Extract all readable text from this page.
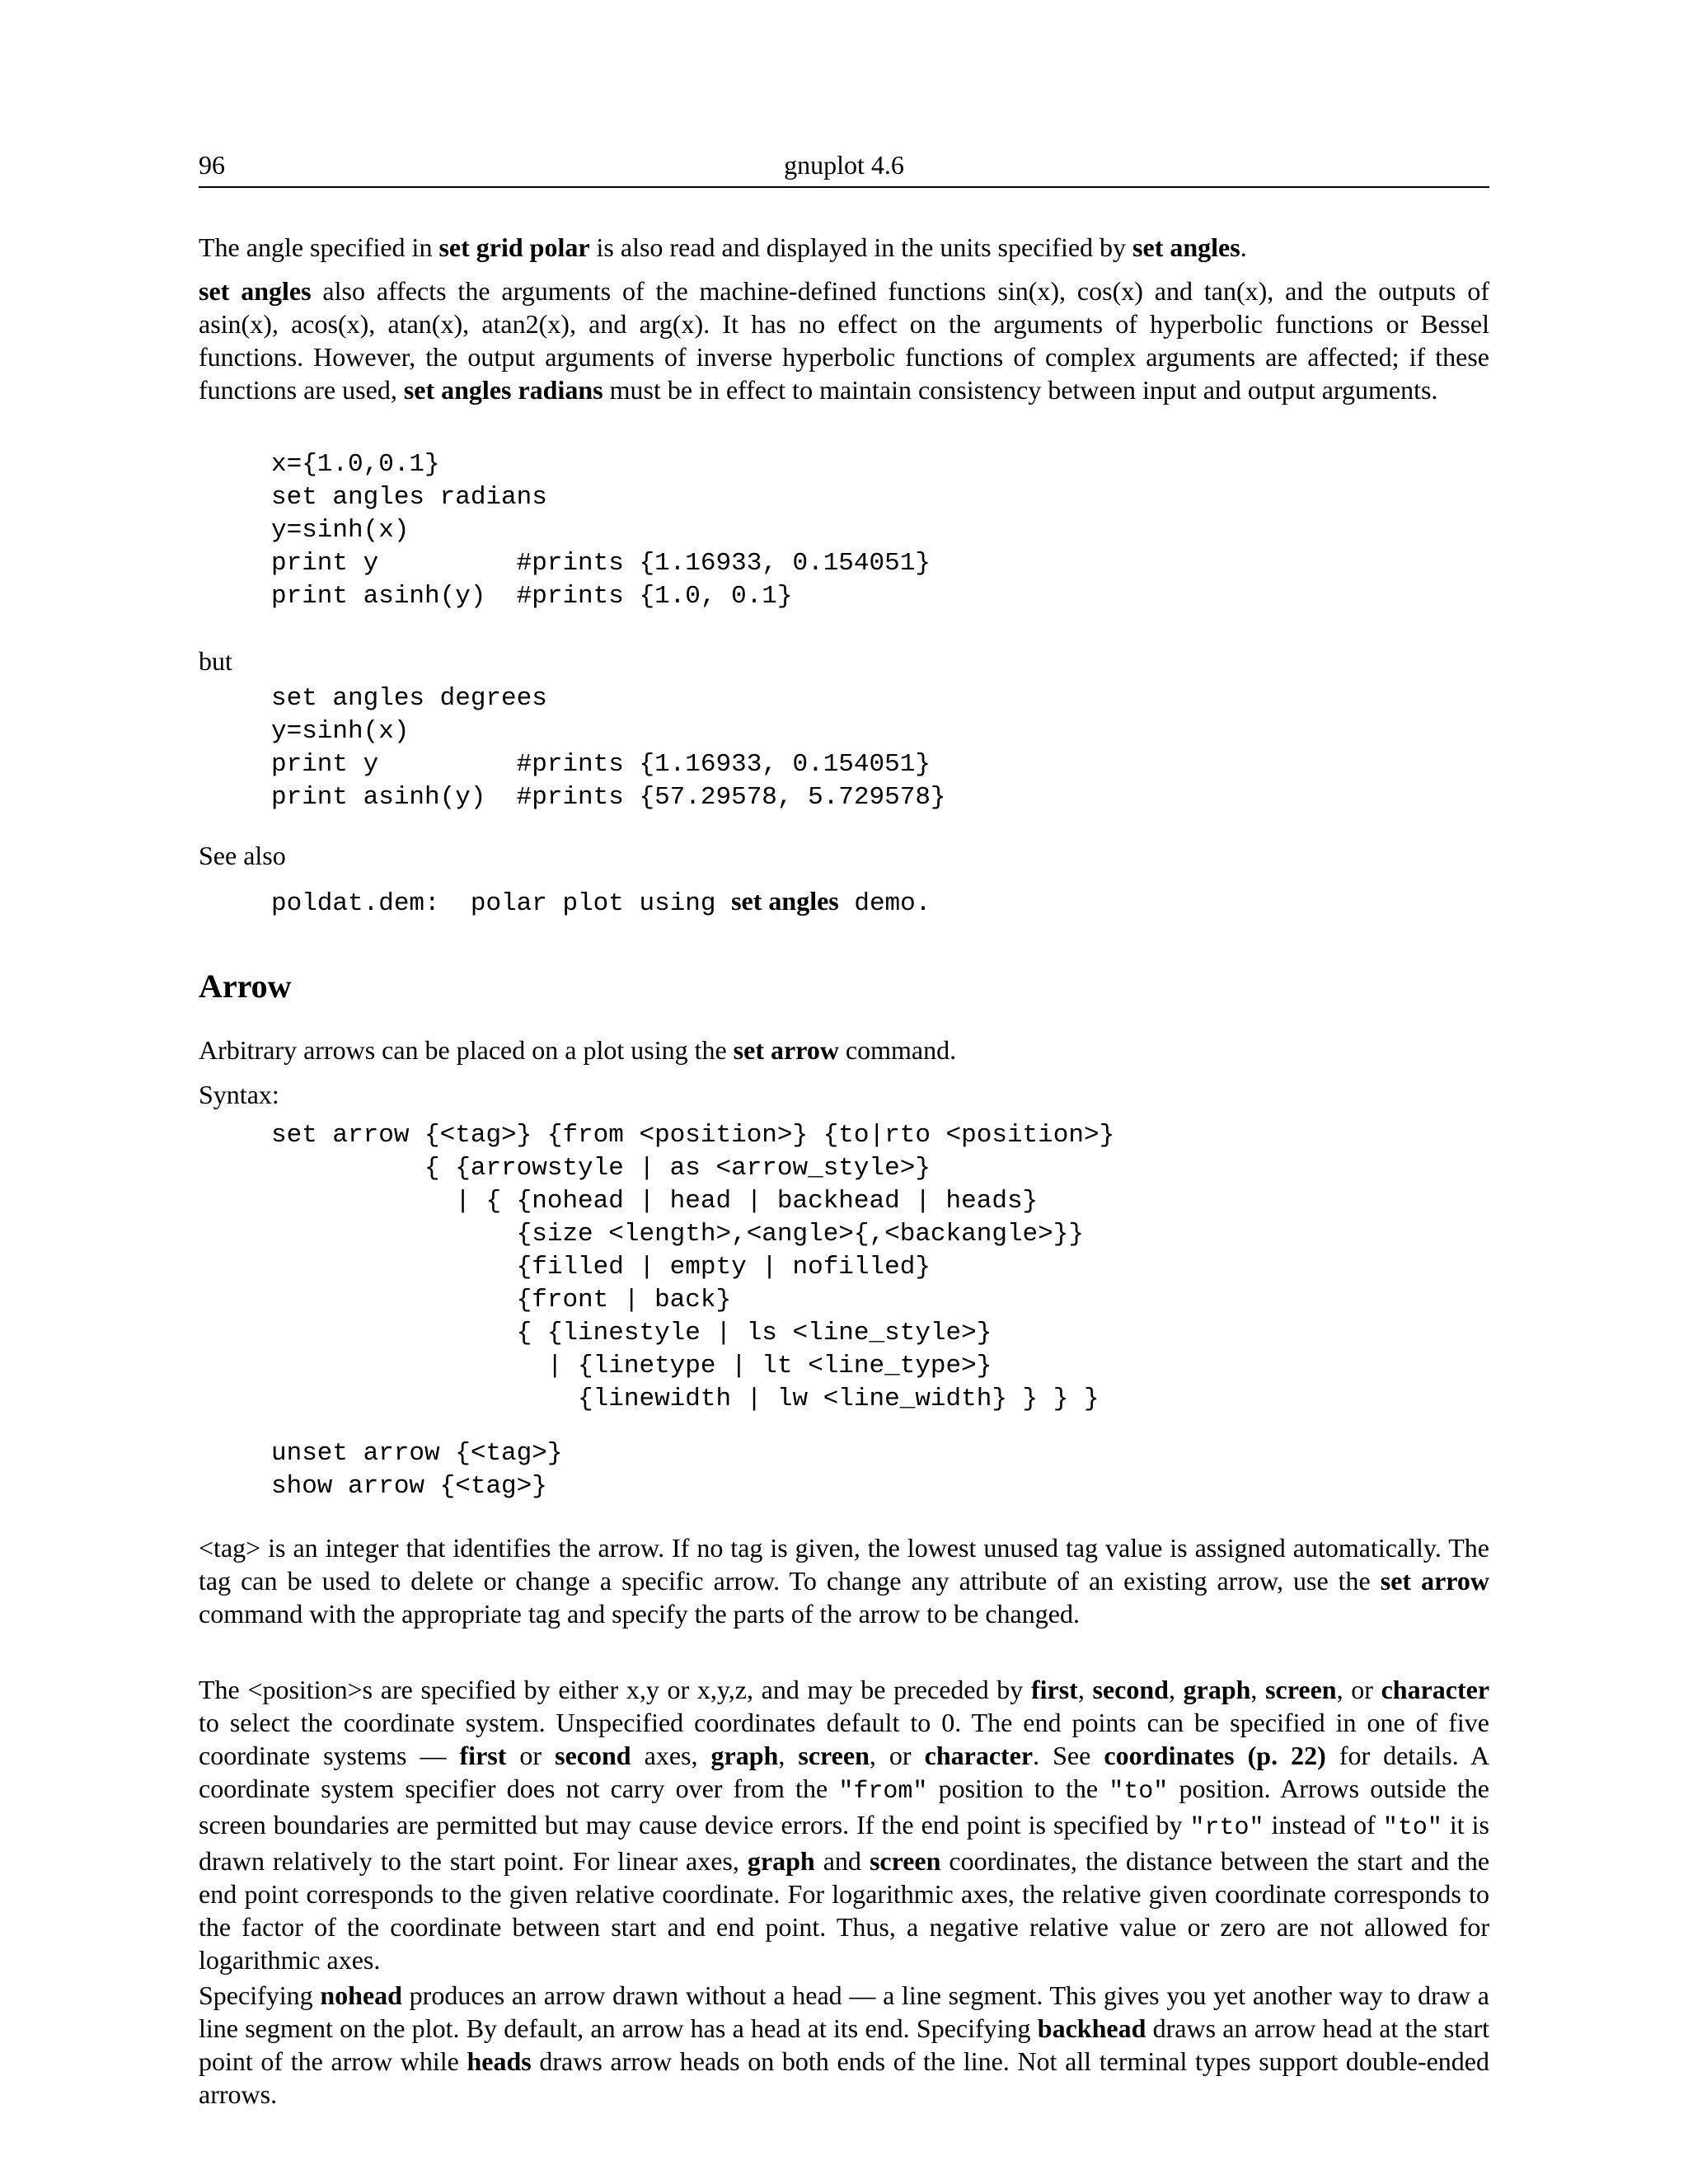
96	gnuplot 4.6
The angle specified in set grid polar is also read and displayed in the units specified by set angles.
set angles also affects the arguments of the machine-defined functions sin(x), cos(x) and tan(x), and the outputs of asin(x), acos(x), atan(x), atan2(x), and arg(x). It has no effect on the arguments of hyperbolic functions or Bessel functions. However, the output arguments of inverse hyperbolic functions of complex arguments are affected; if these functions are used, set angles radians must be in effect to maintain consistency between input and output arguments.
x={1.0,0.1}
set angles radians
y=sinh(x)
print y         #prints {1.16933, 0.154051}
print asinh(y)  #prints {1.0, 0.1}
but
set angles degrees
y=sinh(x)
print y         #prints {1.16933, 0.154051}
print asinh(y)  #prints {57.29578, 5.729578}
See also
poldat.dem:  polar plot using set angles demo.
Arrow
Arbitrary arrows can be placed on a plot using the set arrow command.
Syntax:
set arrow {<tag>} {from <position>} {to|rto <position>}
{ {arrowstyle | as <arrow_style>}
| { {nohead | head | backhead | heads}
{size <length>,<angle>{,<backangle>}}
{filled | empty | nofilled}
{front | back}
{ {linestyle | ls <line_style>}
| {linetype | lt <line_type>}
{linewidth | lw <line_width} } } }
unset arrow {<tag>}
show arrow {<tag>}
<tag> is an integer that identifies the arrow. If no tag is given, the lowest unused tag value is assigned automatically. The tag can be used to delete or change a specific arrow. To change any attribute of an existing arrow, use the set arrow command with the appropriate tag and specify the parts of the arrow to be changed.
The <position>s are specified by either x,y or x,y,z, and may be preceded by first, second, graph, screen, or character to select the coordinate system. Unspecified coordinates default to 0. The end points can be specified in one of five coordinate systems — first or second axes, graph, screen, or character. See coordinates (p. 22) for details. A coordinate system specifier does not carry over from the "from" position to the "to" position. Arrows outside the screen boundaries are permitted but may cause device errors. If the end point is specified by "rto" instead of "to" it is drawn relatively to the start point. For linear axes, graph and screen coordinates, the distance between the start and the end point corresponds to the given relative coordinate. For logarithmic axes, the relative given coordinate corresponds to the factor of the coordinate between start and end point. Thus, a negative relative value or zero are not allowed for logarithmic axes.
Specifying nohead produces an arrow drawn without a head — a line segment. This gives you yet another way to draw a line segment on the plot. By default, an arrow has a head at its end. Specifying backhead draws an arrow head at the start point of the arrow while heads draws arrow heads on both ends of the line. Not all terminal types support double-ended arrows.
